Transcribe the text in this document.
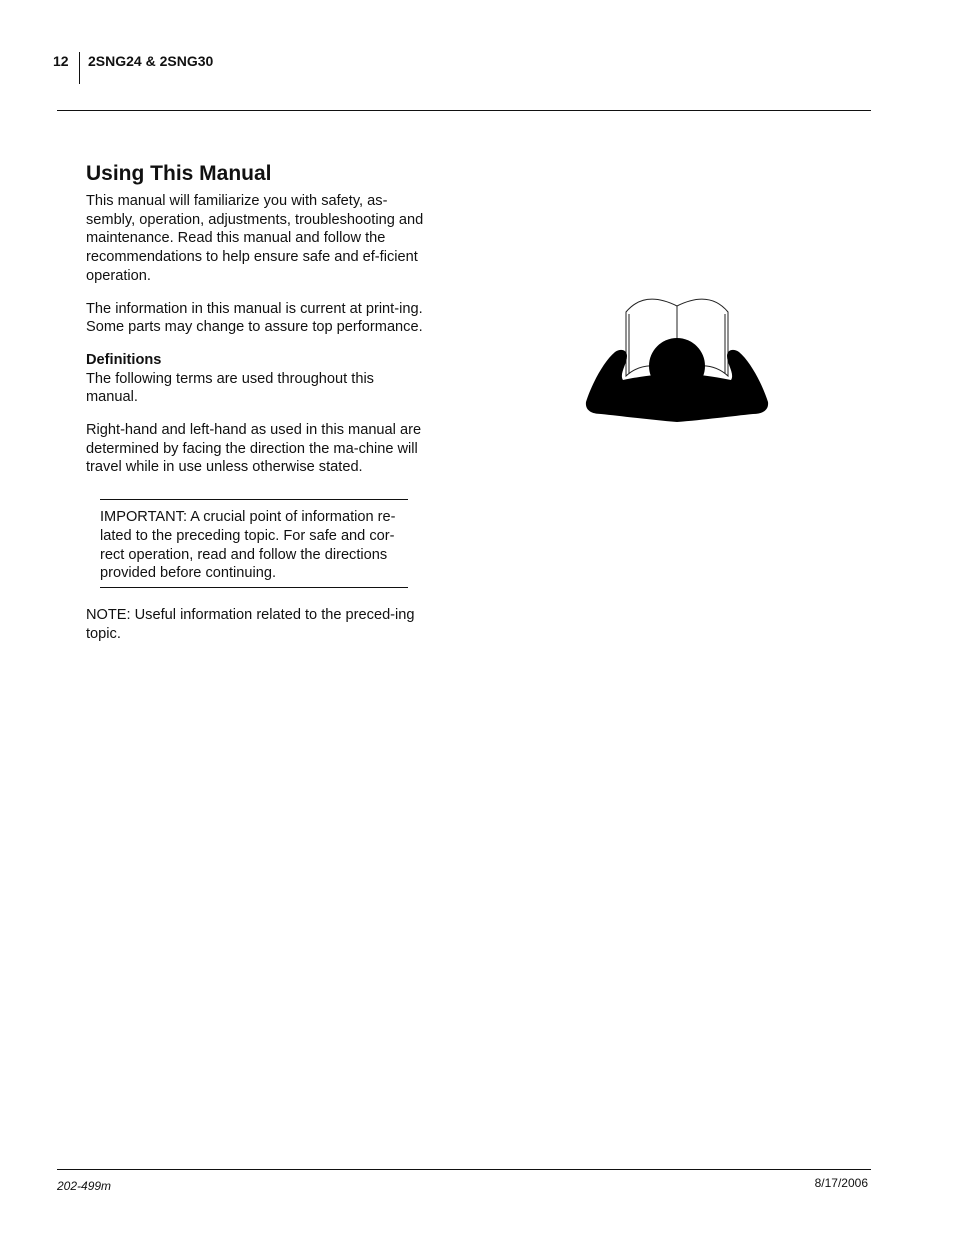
12 2SNG24 & 2SNG30
Using This Manual

This manual will familiarize you with safety, as-sembly, operation, adjustments, troubleshooting and maintenance. Read this manual and follow the recommendations to help ensure safe and ef-ficient operation.

The information in this manual is current at print-ing. Some parts may change to assure top performance.

Definitions

The following terms are used throughout this manual.

Right-hand and left-hand as used in this manual are determined by facing the direction the ma-chine will travel while in use unless otherwise stated.

IMPORTANT: A crucial point of information re-lated to the preceding topic. For safe and cor-rect operation, read and follow the directions provided before continuing.

NOTE: Useful information related to the preced-ing topic.

202-499m	8/17/2006
